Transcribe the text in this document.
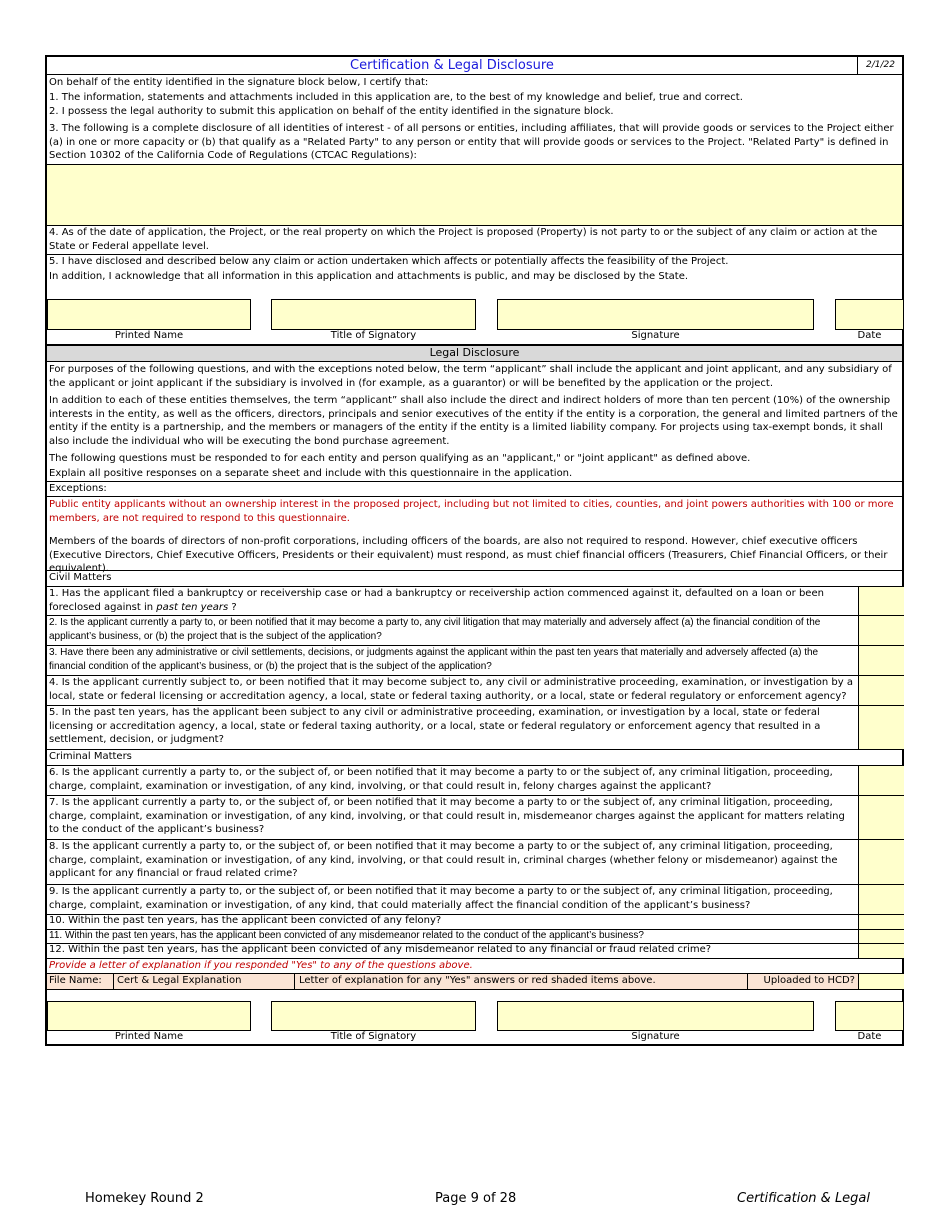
Certification & Legal Disclosure	2/1/22
On behalf of the entity identified in the signature block below, I certify that:
1. The information, statements and attachments included in this application are, to the best of my knowledge and belief, true and correct.
2. I possess the legal authority to submit this application on behalf of the entity identified in the signature block.
3. The following is a complete disclosure of all identities of interest - of all persons or entities, including affiliates, that will provide goods or services to the Project either (a) in one or more capacity or (b) that qualify as a "Related Party" to any person or entity that will provide goods or services to the Project. "Related Party" is defined in Section 10302 of the California Code of Regulations (CTCAC Regulations):
4. As of the date of application, the Project, or the real property on which the Project is proposed (Property) is not party to or the subject of any claim or action at the State or Federal appellate level.
5. I have disclosed and described below any claim or action undertaken which affects or potentially affects the feasibility of the Project.
In addition, I acknowledge that all information in this application and attachments is public, and may be disclosed by the State.
Printed Name	Title of Signatory	Signature	Date
Legal Disclosure
For purposes of the following questions, and with the exceptions noted below, the term “applicant” shall include the applicant and joint applicant, and any subsidiary of the applicant or joint applicant if the subsidiary is involved in (for example, as a guarantor) or will be benefited by the application or the project.
In addition to each of these entities themselves, the term “applicant” shall also include the direct and indirect holders of more than ten percent (10%) of the ownership interests in the entity, as well as the officers, directors, principals and senior executives of the entity if the entity is a corporation, the general and limited partners of the entity if the entity is a partnership, and the members or managers of the entity if the entity is a limited liability company. For projects using tax-exempt bonds, it shall also include the individual who will be executing the bond purchase agreement.
The following questions must be responded to for each entity and person qualifying as an "applicant," or "joint applicant" as defined above.
Explain all positive responses on a separate sheet and include with this questionnaire in the application.
Exceptions:
Public entity applicants without an ownership interest in the proposed project, including but not limited to cities, counties, and joint powers authorities with 100 or more members, are not required to respond to this questionnaire.
Members of the boards of directors of non-profit corporations, including officers of the boards, are also not required to respond. However, chief executive officers (Executive Directors, Chief Executive Officers, Presidents or their equivalent) must respond, as must chief financial officers (Treasurers, Chief Financial Officers, or their equivalent).
Civil Matters
1. Has the applicant filed a bankruptcy or receivership case or had a bankruptcy or receivership action commenced against it, defaulted on a loan or been foreclosed against in past ten years ?
2. Is the applicant currently a party to, or been notified that it may become a party to, any civil litigation that may materially and adversely affect (a) the financial condition of the applicant’s business, or (b) the project that is the subject of the application?
3. Have there been any administrative or civil settlements, decisions, or judgments against the applicant within the past ten years that materially and adversely affected (a) the financial condition of the applicant’s business, or (b) the project that is the subject of the application?
4. Is the applicant currently subject to, or been notified that it may become subject to, any civil or administrative proceeding, examination, or investigation by a local, state or federal licensing or accreditation agency, a local, state or federal taxing authority, or a local, state or federal regulatory or enforcement agency?
5. In the past ten years, has the applicant been subject to any civil or administrative proceeding, examination, or investigation by a local, state or federal licensing or accreditation agency, a local, state or federal taxing authority, or a local, state or federal regulatory or enforcement agency that resulted in a settlement, decision, or judgment?
Criminal Matters
6. Is the applicant currently a party to, or the subject of, or been notified that it may become a party to or the subject of, any criminal litigation, proceeding, charge, complaint, examination or investigation, of any kind, involving, or that could result in, felony charges against the applicant?
7. Is the applicant currently a party to, or the subject of, or been notified that it may become a party to or the subject of, any criminal litigation, proceeding, charge, complaint, examination or investigation, of any kind, involving, or that could result in, misdemeanor charges against the applicant for matters relating to the conduct of the applicant’s business?
8. Is the applicant currently a party to, or the subject of, or been notified that it may become a party to or the subject of, any criminal litigation, proceeding, charge, complaint, examination or investigation, of any kind, involving, or that could result in, criminal charges (whether felony or misdemeanor) against the applicant for any financial or fraud related crime?
9. Is the applicant currently a party to, or the subject of, or been notified that it may become a party to or the subject of, any criminal litigation, proceeding, charge, complaint, examination or investigation, of any kind, that could materially affect the financial condition of the applicant’s business?
10. Within the past ten years, has the applicant been convicted of any felony?
11. Within the past ten years, has the applicant been convicted of any misdemeanor related to the conduct of the applicant’s business?
12. Within the past ten years, has the applicant been convicted of any misdemeanor related to any financial or fraud related crime?
Provide a letter of explanation if you responded "Yes" to any of the questions above.
File Name:	Cert & Legal Explanation	Letter of explanation for any "Yes" answers or red shaded items above.	Uploaded to HCD?
Printed Name	Title of Signatory	Signature	Date
Homekey Round 2	Page 9 of 28	Certification & Legal
